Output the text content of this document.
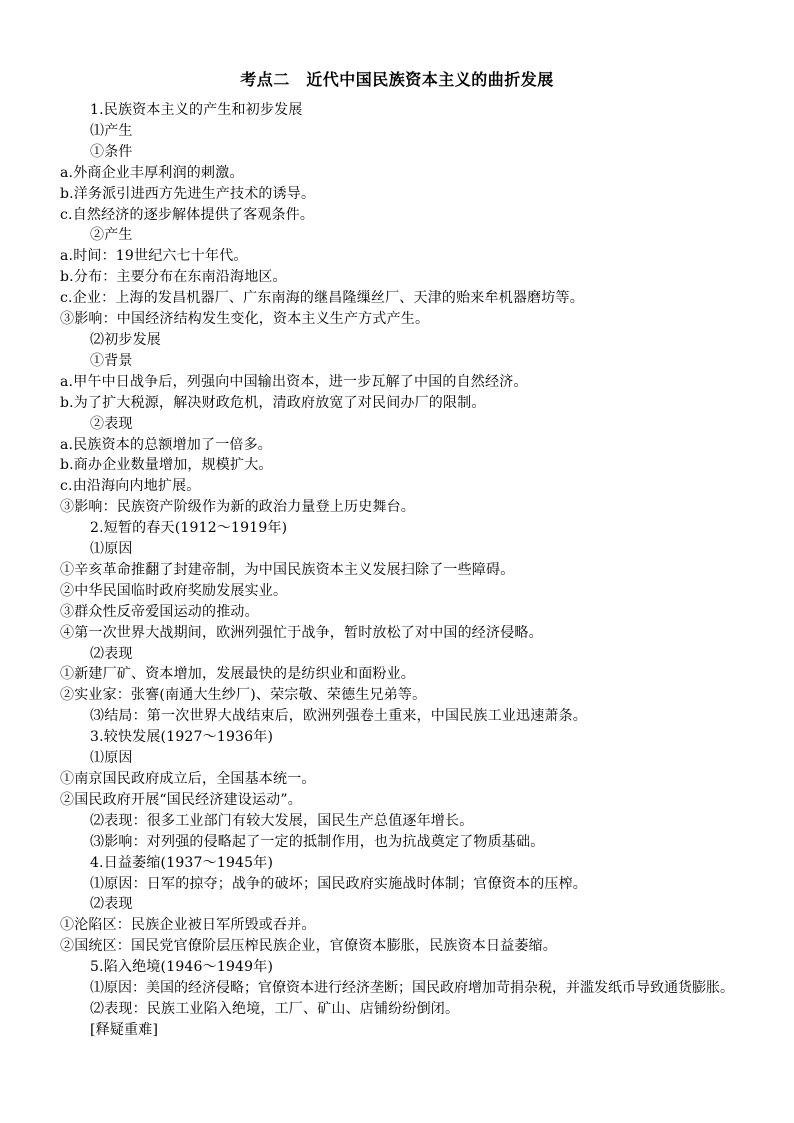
考点二　近代中国民族资本主义的曲折发展
1.民族资本主义的产生和初步发展
⑴产生
①条件
a.外商企业丰厚利润的刺激。
b.洋务派引进西方先进生产技术的诱导。
c.自然经济的逐步解体提供了客观条件。
②产生
a.时间：19世纪六七十年代。
b.分布：主要分布在东南沿海地区。
c.企业：上海的发昌机器厂、广东南海的继昌隆缫丝厂、天津的贻来牟机器磨坊等。
③影响：中国经济结构发生变化，资本主义生产方式产生。
⑵初步发展
①背景
a.甲午中日战争后，列强向中国输出资本，进一步瓦解了中国的自然经济。
b.为了扩大税源，解决财政危机，清政府放宽了对民间办厂的限制。
②表现
a.民族资本的总额增加了一倍多。
b.商办企业数量增加，规模扩大。
c.由沿海向内地扩展。
③影响：民族资产阶级作为新的政治力量登上历史舞台。
2.短暂的春天(1912～1919年)
⑴原因
①辛亥革命推翻了封建帝制，为中国民族资本主义发展扫除了一些障碍。
②中华民国临时政府奖励发展实业。
③群众性反帝爱国运动的推动。
④第一次世界大战期间，欧洲列强忙于战争，暂时放松了对中国的经济侵略。
⑵表现
①新建厂矿、资本增加，发展最快的是纺织业和面粉业。
②实业家：张謇(南通大生纱厂)、荣宗敬、荣德生兄弟等。
⑶结局：第一次世界大战结束后，欧洲列强卷土重来，中国民族工业迅速萧条。
3.较快发展(1927～1936年)
⑴原因
①南京国民政府成立后，全国基本统一。
②国民政府开展“国民经济建设运动”。
⑵表现：很多工业部门有较大发展，国民生产总值逐年增长。
⑶影响：对列强的侵略起了一定的抵制作用，也为抗战奠定了物质基础。
4.日益萎缩(1937～1945年)
⑴原因：日军的掠夺；战争的破坏；国民政府实施战时体制；官僚资本的压榨。
⑵表现
①沦陷区：民族企业被日军所毁或吞并。
②国统区：国民党官僚阶层压榨民族企业，官僚资本膨胀，民族资本日益萎缩。
5.陷入绝境(1946～1949年)
⑴原因：美国的经济侵略；官僚资本进行经济垄断；国民政府增加苛捐杂税，并滥发纸币导致通货膨胀。
⑵表现：民族工业陷入绝境，工厂、矿山、店铺纷纷倒闭。
[释疑重难]
